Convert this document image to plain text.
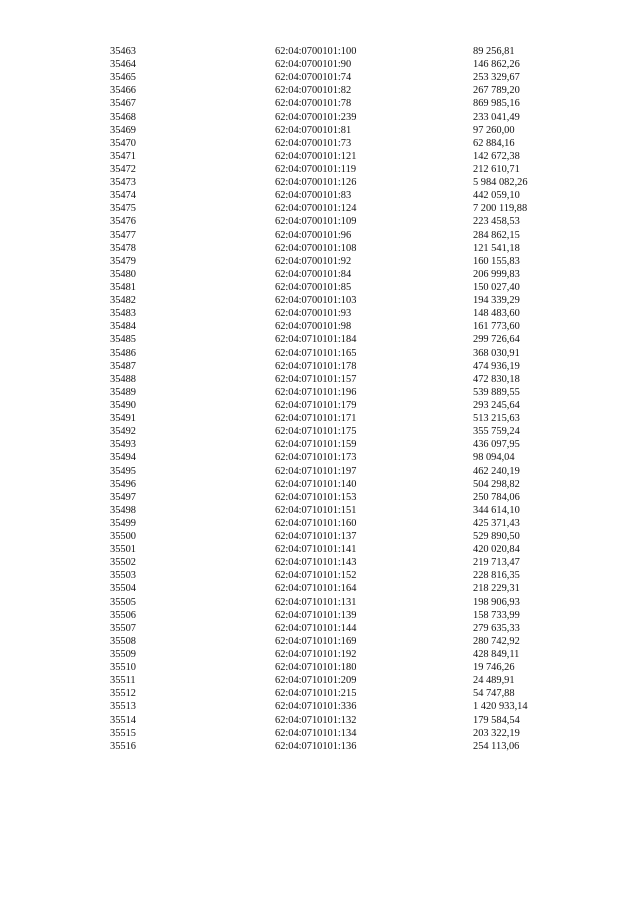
35463	62:04:0700101:100	89 256,81
35464	62:04:0700101:90	146 862,26
35465	62:04:0700101:74	253 329,67
35466	62:04:0700101:82	267 789,20
35467	62:04:0700101:78	869 985,16
35468	62:04:0700101:239	233 041,49
35469	62:04:0700101:81	97 260,00
35470	62:04:0700101:73	62 884,16
35471	62:04:0700101:121	142 672,38
35472	62:04:0700101:119	212 610,71
35473	62:04:0700101:126	5 984 082,26
35474	62:04:0700101:83	442 059,10
35475	62:04:0700101:124	7 200 119,88
35476	62:04:0700101:109	223 458,53
35477	62:04:0700101:96	284 862,15
35478	62:04:0700101:108	121 541,18
35479	62:04:0700101:92	160 155,83
35480	62:04:0700101:84	206 999,83
35481	62:04:0700101:85	150 027,40
35482	62:04:0700101:103	194 339,29
35483	62:04:0700101:93	148 483,60
35484	62:04:0700101:98	161 773,60
35485	62:04:0710101:184	299 726,64
35486	62:04:0710101:165	368 030,91
35487	62:04:0710101:178	474 936,19
35488	62:04:0710101:157	472 830,18
35489	62:04:0710101:196	539 889,55
35490	62:04:0710101:179	293 245,64
35491	62:04:0710101:171	513 215,63
35492	62:04:0710101:175	355 759,24
35493	62:04:0710101:159	436 097,95
35494	62:04:0710101:173	98 094,04
35495	62:04:0710101:197	462 240,19
35496	62:04:0710101:140	504 298,82
35497	62:04:0710101:153	250 784,06
35498	62:04:0710101:151	344 614,10
35499	62:04:0710101:160	425 371,43
35500	62:04:0710101:137	529 890,50
35501	62:04:0710101:141	420 020,84
35502	62:04:0710101:143	219 713,47
35503	62:04:0710101:152	228 816,35
35504	62:04:0710101:164	218 229,31
35505	62:04:0710101:131	198 906,93
35506	62:04:0710101:139	158 733,99
35507	62:04:0710101:144	279 635,33
35508	62:04:0710101:169	280 742,92
35509	62:04:0710101:192	428 849,11
35510	62:04:0710101:180	19 746,26
35511	62:04:0710101:209	24 489,91
35512	62:04:0710101:215	54 747,88
35513	62:04:0710101:336	1 420 933,14
35514	62:04:0710101:132	179 584,54
35515	62:04:0710101:134	203 322,19
35516	62:04:0710101:136	254 113,06
